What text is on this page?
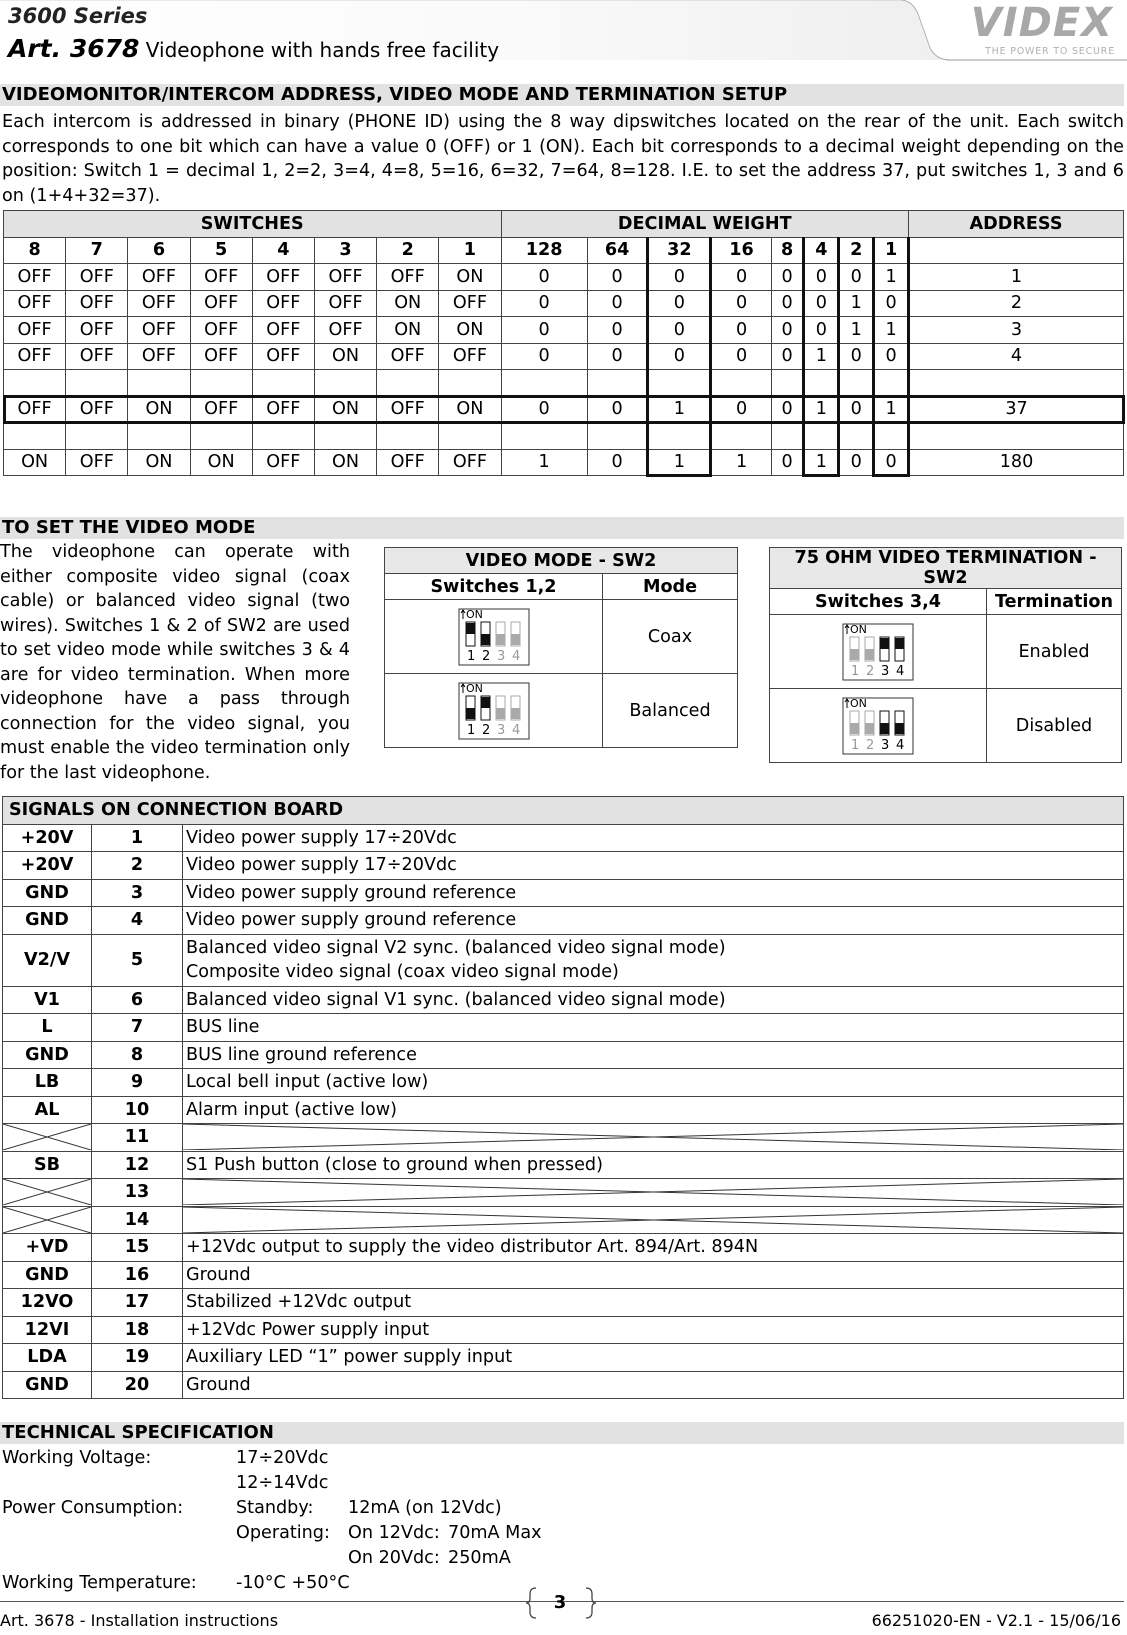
3600 Series
Art. 3678 Videophone with hands free facility
VIDEX
THE POWER TO SECURE
VIDEOMONITOR/INTERCOM ADDRESS, VIDEO MODE AND TERMINATION SETUP
Each intercom is addressed in binary (PHONE ID) using the 8 way dipswitches located on the rear of the unit. Each switch corresponds to one bit which can have a value 0 (OFF) or 1 (ON). Each bit corresponds to a decimal weight depending on the position: Switch 1 = decimal 1, 2=2, 3=4, 4=8, 5=16, 6=32, 7=64, 8=128. I.E. to set the address 37, put switches 1, 3 and 6 on (1+4+32=37).
SWITCHES								DECIMAL WEIGHT								ADDRESS
8	7	6	5	4	3	2	1	128	64	32	16	8	4	2	1	
OFF	OFF	OFF	OFF	OFF	OFF	OFF	ON	0	0	0	0	0	0	0	1	1
OFF	OFF	OFF	OFF	OFF	OFF	ON	OFF	0	0	0	0	0	0	1	0	2
OFF	OFF	OFF	OFF	OFF	OFF	ON	ON	0	0	0	0	0	0	1	1	3
OFF	OFF	OFF	OFF	OFF	ON	OFF	OFF	0	0	0	0	0	1	0	0	4

OFF	OFF	ON	OFF	OFF	ON	OFF	ON	0	0	1	0	0	1	0	1	37

ON	OFF	ON	ON	OFF	ON	OFF	OFF	1	0	1	1	0	1	0	0	180
TO SET THE VIDEO MODE
The videophone can operate with either composite video signal (coax cable) or balanced video signal (two wires). Switches 1 & 2 of SW2 are used to set video mode while switches 3 & 4 are for video termination. When more videophone have a pass through connection for the video signal, you must enable the video termination only for the last videophone.
VIDEO MODE - SW2	
Switches 1,2	Mode

ON
1 2 3 4	Coax

ON
1 2 3 4	Balanced
75 OHM VIDEO TERMINATION - SW2	
Switches 3,4	Termination

ON
1 2 3 4	Enabled

ON
1 2 3 4	Disabled
SIGNALS ON CONNECTION BOARD		
+20V	1	Video power supply 17÷20Vdc
+20V	2	Video power supply 17÷20Vdc
GND	3	Video power supply ground reference
GND	4	Video power supply ground reference
V2/V	5	Balanced video signal V2 sync. (balanced video signal mode)
Composite video signal (coax video signal mode)

V1	6	Balanced video signal V1 sync. (balanced video signal mode)
L	7	BUS line
GND	8	BUS line ground reference
LB	9	Local bell input (active low)
AL	10	Alarm input (active low)

	11	

SB	12	S1 Push button (close to ground when pressed)

	13	

	14	

+VD	15	+12Vdc output to supply the video distributor Art. 894/Art. 894N
GND	16	Ground
12VO	17	Stabilized +12Vdc output
12VI	18	+12Vdc Power supply input
LDA	19	Auxiliary LED “1” power supply input
GND	20	Ground
TECHNICAL SPECIFICATION
Working Voltage:	17÷20Vdc
12÷14Vdc
Power Consumption:	Standby: 12mA (on 12Vdc)
Operating: On 12Vdc: 70mA Max
On 20Vdc: 250mA
Working Temperature: -10°C +50°C
3
Art. 3678 - Installation instructions	66251020-EN - V2.1 - 15/06/16
